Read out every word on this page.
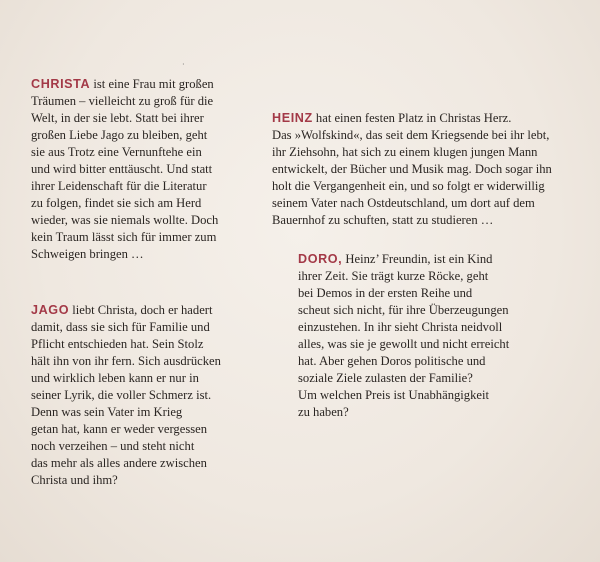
·
CHRISTA ist eine Frau mit großen
Träumen – vielleicht zu groß für die
Welt, in der sie lebt. Statt bei ihrer
großen Liebe Jago zu bleiben, geht
sie aus Trotz eine Vernunftehe ein
und wird bitter enttäuscht. Und statt
ihrer Leidenschaft für die Literatur
zu folgen, findet sie sich am Herd
wieder, was sie niemals wollte. Doch
kein Traum lässt sich für immer zum
Schweigen bringen …
HEINZ hat einen festen Platz in Christas Herz.
Das »Wolfskind«, das seit dem Kriegsende bei ihr lebt,
ihr Ziehsohn, hat sich zu einem klugen jungen Mann
entwickelt, der Bücher und Musik mag. Doch sogar ihn
holt die Vergangenheit ein, und so folgt er widerwillig
seinem Vater nach Ostdeutschland, um dort auf dem
Bauernhof zu schuften, statt zu studieren …
DORO, Heinz’ Freundin, ist ein Kind
ihrer Zeit. Sie trägt kurze Röcke, geht
bei Demos in der ersten Reihe und
scheut sich nicht, für ihre Überzeugungen
einzustehen. In ihr sieht Christa neidvoll
alles, was sie je gewollt und nicht erreicht
hat. Aber gehen Doros politische und
soziale Ziele zulasten der Familie?
Um welchen Preis ist Unabhängigkeit
zu haben?
JAGO liebt Christa, doch er hadert
damit, dass sie sich für Familie und
Pflicht entschieden hat. Sein Stolz
hält ihn von ihr fern. Sich ausdrücken
und wirklich leben kann er nur in
seiner Lyrik, die voller Schmerz ist.
Denn was sein Vater im Krieg
getan hat, kann er weder vergessen
noch verzeihen – und steht nicht
das mehr als alles andere zwischen
Christa und ihm?
